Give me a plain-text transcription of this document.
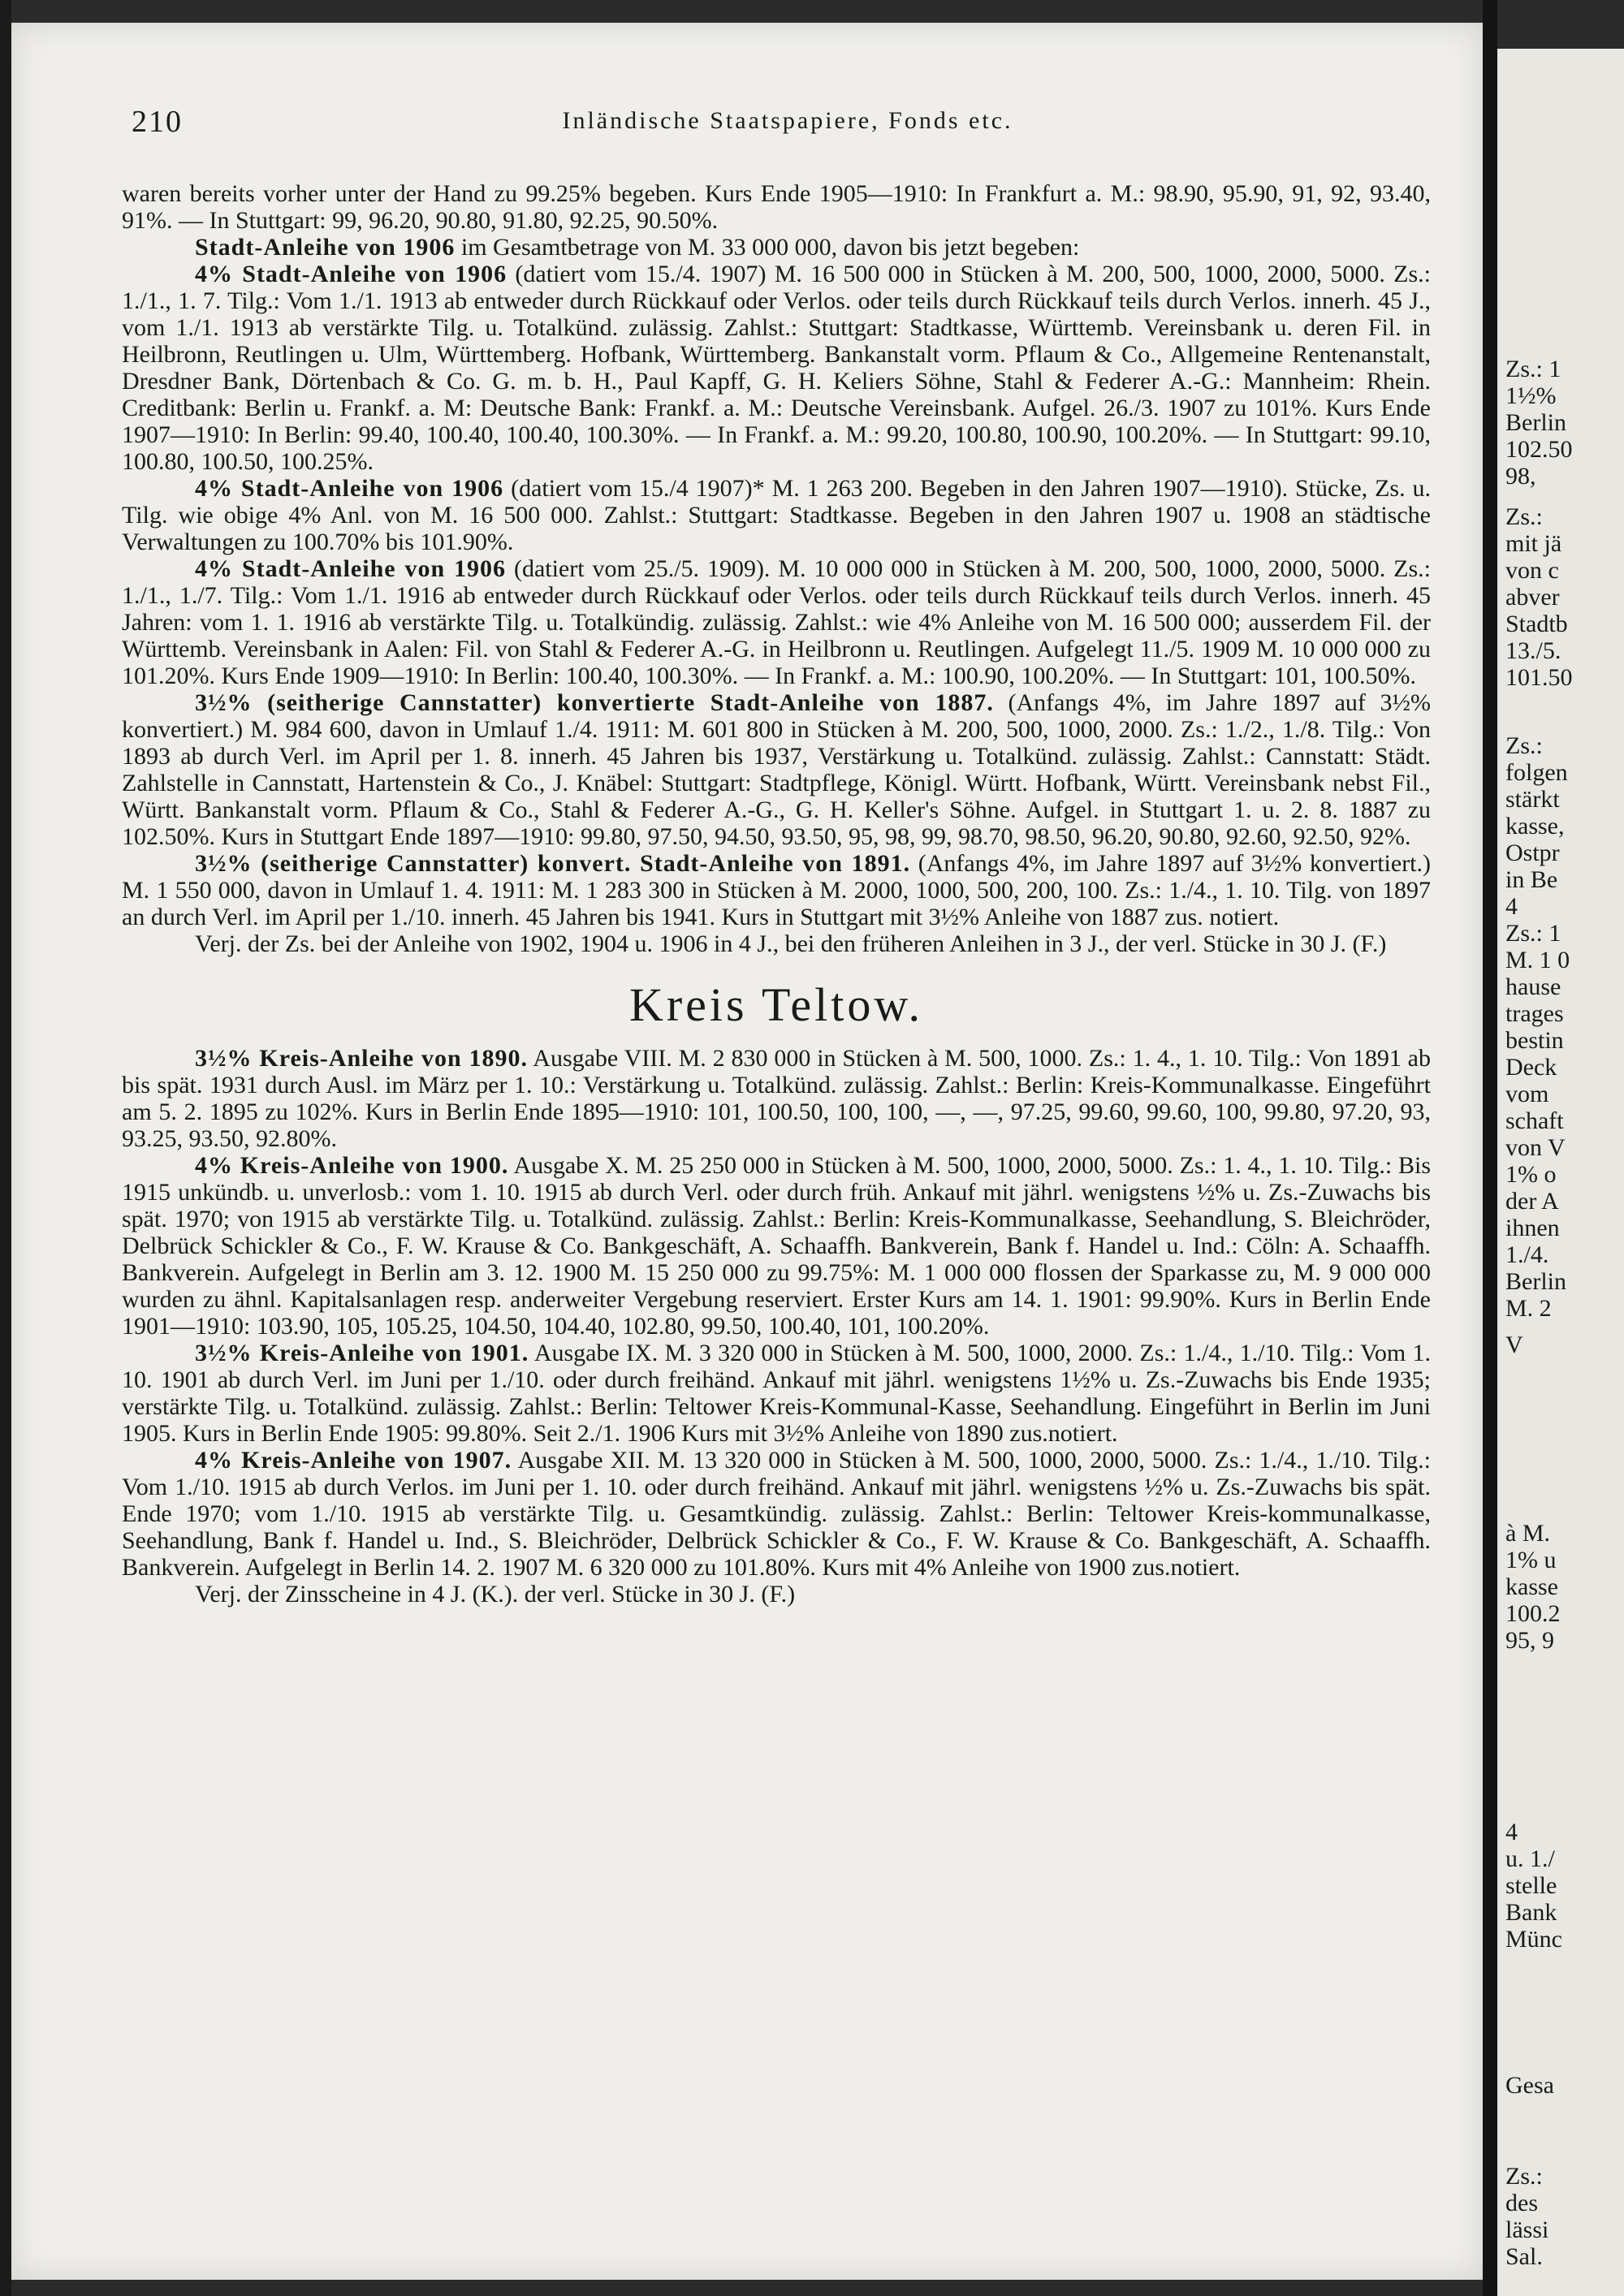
210	Inländische Staatspapiere, Fonds etc.

waren bereits vorher unter der Hand zu 99.25% begeben. Kurs Ende 1905—1910: In Frankfurt a. M.: 98.90, 95.90, 91, 92, 93.40, 91%. — In Stuttgart: 99, 96.20, 90.80, 91.80, 92.25, 90.50%.

Stadt-Anleihe von 1906 im Gesamtbetrage von M. 33 000 000, davon bis jetzt begeben:

4% Stadt-Anleihe von 1906 (datiert vom 15./4. 1907) M. 16 500 000 in Stücken à M. 200, 500, 1000, 2000, 5000. Zs.: 1./1., 1. 7. Tilg.: Vom 1./1. 1913 ab entweder durch Rückkauf oder Verlos. oder teils durch Rückkauf teils durch Verlos. innerh. 45 J., vom 1./1. 1913 ab verstärkte Tilg. u. Totalkünd. zulässig. Zahlst.: Stuttgart: Stadtkasse, Württemb. Vereinsbank u. deren Fil. in Heilbronn, Reutlingen u. Ulm, Württemberg. Hofbank, Württemberg. Bankanstalt vorm. Pflaum & Co., Allgemeine Rentenanstalt, Dresdner Bank, Dörtenbach & Co. G. m. b. H., Paul Kapff, G. H. Keliers Söhne, Stahl & Federer A.-G.: Mannheim: Rhein. Creditbank: Berlin u. Frankf. a. M: Deutsche Bank: Frankf. a. M.: Deutsche Vereinsbank. Aufgel. 26./3. 1907 zu 101%. Kurs Ende 1907—1910: In Berlin: 99.40, 100.40, 100.40, 100.30%. — In Frankf. a. M.: 99.20, 100.80, 100.90, 100.20%. — In Stuttgart: 99.10, 100.80, 100.50, 100.25%.

4% Stadt-Anleihe von 1906 (datiert vom 15./4 1907)* M. 1 263 200. Begeben in den Jahren 1907—1910). Stücke, Zs. u. Tilg. wie obige 4% Anl. von M. 16 500 000. Zahlst.: Stuttgart: Stadtkasse. Begeben in den Jahren 1907 u. 1908 an städtische Verwaltungen zu 100.70% bis 101.90%.

4% Stadt-Anleihe von 1906 (datiert vom 25./5. 1909). M. 10 000 000 in Stücken à M. 200, 500, 1000, 2000, 5000. Zs.: 1./1., 1./7. Tilg.: Vom 1./1. 1916 ab entweder durch Rückkauf oder Verlos. oder teils durch Rückkauf teils durch Verlos. innerh. 45 Jahren: vom 1. 1. 1916 ab verstärkte Tilg. u. Totalkündig. zulässig. Zahlst.: wie 4% Anleihe von M. 16 500 000; ausserdem Fil. der Württemb. Vereinsbank in Aalen: Fil. von Stahl & Federer A.-G. in Heilbronn u. Reutlingen. Aufgelegt 11./5. 1909 M. 10 000 000 zu 101.20%. Kurs Ende 1909—1910: In Berlin: 100.40, 100.30%. — In Frankf. a. M.: 100.90, 100.20%. — In Stuttgart: 101, 100.50%.

3½% (seitherige Cannstatter) konvertierte Stadt-Anleihe von 1887. (Anfangs 4%, im Jahre 1897 auf 3½% konvertiert.) M. 984 600, davon in Umlauf 1./4. 1911: M. 601 800 in Stücken à M. 200, 500, 1000, 2000. Zs.: 1./2., 1./8. Tilg.: Von 1893 ab durch Verl. im April per 1. 8. innerh. 45 Jahren bis 1937, Verstärkung u. Totalkünd. zulässig. Zahlst.: Cannstatt: Städt. Zahlstelle in Cannstatt, Hartenstein & Co., J. Knäbel: Stuttgart: Stadtpflege, Königl. Württ. Hofbank, Württ. Vereinsbank nebst Fil., Württ. Bankanstalt vorm. Pflaum & Co., Stahl & Federer A.-G., G. H. Keller's Söhne. Aufgel. in Stuttgart 1. u. 2. 8. 1887 zu 102.50%. Kurs in Stuttgart Ende 1897—1910: 99.80, 97.50, 94.50, 93.50, 95, 98, 99, 98.70, 98.50, 96.20, 90.80, 92.60, 92.50, 92%.

3½% (seitherige Cannstatter) konvert. Stadt-Anleihe von 1891. (Anfangs 4%, im Jahre 1897 auf 3½% konvertiert.) M. 1 550 000, davon in Umlauf 1. 4. 1911: M. 1 283 300 in Stücken à M. 2000, 1000, 500, 200, 100. Zs.: 1./4., 1. 10. Tilg. von 1897 an durch Verl. im April per 1./10. innerh. 45 Jahren bis 1941. Kurs in Stuttgart mit 3½% Anleihe von 1887 zus. notiert.

Verj. der Zs. bei der Anleihe von 1902, 1904 u. 1906 in 4 J., bei den früheren Anleihen in 3 J., der verl. Stücke in 30 J. (F.)

Kreis Teltow.

3½% Kreis-Anleihe von 1890. Ausgabe VIII. M. 2 830 000 in Stücken à M. 500, 1000. Zs.: 1. 4., 1. 10. Tilg.: Von 1891 ab bis spät. 1931 durch Ausl. im März per 1. 10.: Verstärkung u. Totalkünd. zulässig. Zahlst.: Berlin: Kreis-Kommunalkasse. Eingeführt am 5. 2. 1895 zu 102%. Kurs in Berlin Ende 1895—1910: 101, 100.50, 100, 100, —, —, 97.25, 99.60, 99.60, 100, 99.80, 97.20, 93, 93.25, 93.50, 92.80%.

4% Kreis-Anleihe von 1900. Ausgabe X. M. 25 250 000 in Stücken à M. 500, 1000, 2000, 5000. Zs.: 1. 4., 1. 10. Tilg.: Bis 1915 unkündb. u. unverlosb.: vom 1. 10. 1915 ab durch Verl. oder durch früh. Ankauf mit jährl. wenigstens ½% u. Zs.-Zuwachs bis spät. 1970; von 1915 ab verstärkte Tilg. u. Totalkünd. zulässig. Zahlst.: Berlin: Kreis-Kommunalkasse, Seehandlung, S. Bleichröder, Delbrück Schickler & Co., F. W. Krause & Co. Bankgeschäft, A. Schaaffh. Bankverein, Bank f. Handel u. Ind.: Cöln: A. Schaaffh. Bankverein. Aufgelegt in Berlin am 3. 12. 1900 M. 15 250 000 zu 99.75%: M. 1 000 000 flossen der Sparkasse zu, M. 9 000 000 wurden zu ähnl. Kapitalsanlagen resp. anderweiter Vergebung reserviert. Erster Kurs am 14. 1. 1901: 99.90%. Kurs in Berlin Ende 1901—1910: 103.90, 105, 105.25, 104.50, 104.40, 102.80, 99.50, 100.40, 101, 100.20%.

3½% Kreis-Anleihe von 1901. Ausgabe IX. M. 3 320 000 in Stücken à M. 500, 1000, 2000. Zs.: 1./4., 1./10. Tilg.: Vom 1. 10. 1901 ab durch Verl. im Juni per 1./10. oder durch freihänd. Ankauf mit jährl. wenigstens 1½% u. Zs.-Zuwachs bis Ende 1935; verstärkte Tilg. u. Totalkünd. zulässig. Zahlst.: Berlin: Teltower Kreis-Kommunal-Kasse, Seehandlung. Eingeführt in Berlin im Juni 1905. Kurs in Berlin Ende 1905: 99.80%. Seit 2./1. 1906 Kurs mit 3½% Anleihe von 1890 zus.notiert.

4% Kreis-Anleihe von 1907. Ausgabe XII. M. 13 320 000 in Stücken à M. 500, 1000, 2000, 5000. Zs.: 1./4., 1./10. Tilg.: Vom 1./10. 1915 ab durch Verlos. im Juni per 1. 10. oder durch freihänd. Ankauf mit jährl. wenigstens ½% u. Zs.-Zuwachs bis spät. Ende 1970; vom 1./10. 1915 ab verstärkte Tilg. u. Gesamtkündig. zulässig. Zahlst.: Berlin: Teltower Kreis-kommunalkasse, Seehandlung, Bank f. Handel u. Ind., S. Bleichröder, Delbrück Schickler & Co., F. W. Krause & Co. Bankgeschäft, A. Schaaffh. Bankverein. Aufgelegt in Berlin 14. 2. 1907 M. 6 320 000 zu 101.80%. Kurs mit 4% Anleihe von 1900 zus.notiert.

Verj. der Zinsscheine in 4 J. (K.). der verl. Stücke in 30 J. (F.)

Zs.: 1
1½%
Berlin
102.50
98,
Zs.:
mit jä
von c
abver
Stadtb
13./5.
101.50
Zs.:
folgen
stärkt
kasse,
Ostpr
in Be
4
Zs.: 1
M. 1 0
hause
trages
bestin
Deck
vom
schaft
von V
1% o
der A
ihnen
1./4.
Berlin
M. 2
V
à M.
1% u
kasse
100.2
95, 9
4
u. 1./
stelle
Bank
Münc
Gesa
Zs.:
des
lässi
Sal.
